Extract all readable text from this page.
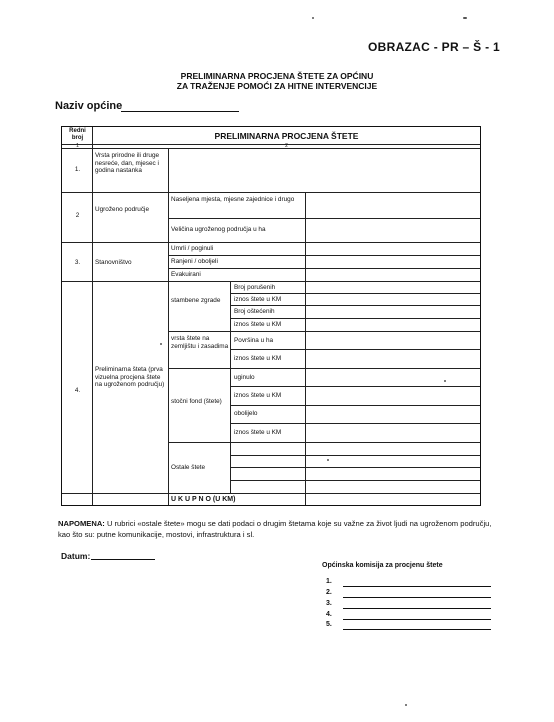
OBRAZAC - PR – Š - 1
PRELIMINARNA PROCJENA ŠTETE ZA OPĆINU
ZA TRAŽENJE POMOĆI ZA HITNE INTERVENCIJE
Naziv općine
Redni broj
1
PRELIMINARNA PROCJENA ŠTETE
2
1.
Vrsta prirodne ili druge nesreće, dan, mjesec i godina nastanka
2
Ugroženo područje
Naseljena mjesta, mjesne zajednice i drugo
Veličina ugroženog područja u ha
3.	Stanovništvo
Umrli / poginuli
Ranjeni / oboljeli
Evakuirani
4.
Preliminarna šteta (prva vizuelna procjena štete na ugroženom području)
stambene zgrade
Broj porušenih
iznos štete u KM
Broj oštećenih
iznos štete u KM
vrsta štete na zemljištu i zasadima
Površina u ha
iznos štete u KM
stočni fond (štete)
uginulo
iznos štete u KM
obolijelo
iznos štete u KM
Ostale štete
U K U P N O (U KM)
NAPOMENA: U rubrici «ostale štete» mogu se dati podaci o drugim štetama koje su važne za život ljudi na ugroženom području, kao što su: putne komunikacije, mostovi, infrastruktura i sl.
Datum:
Općinska komisija za procjenu štete
1.
2.
3.
4.
5.
